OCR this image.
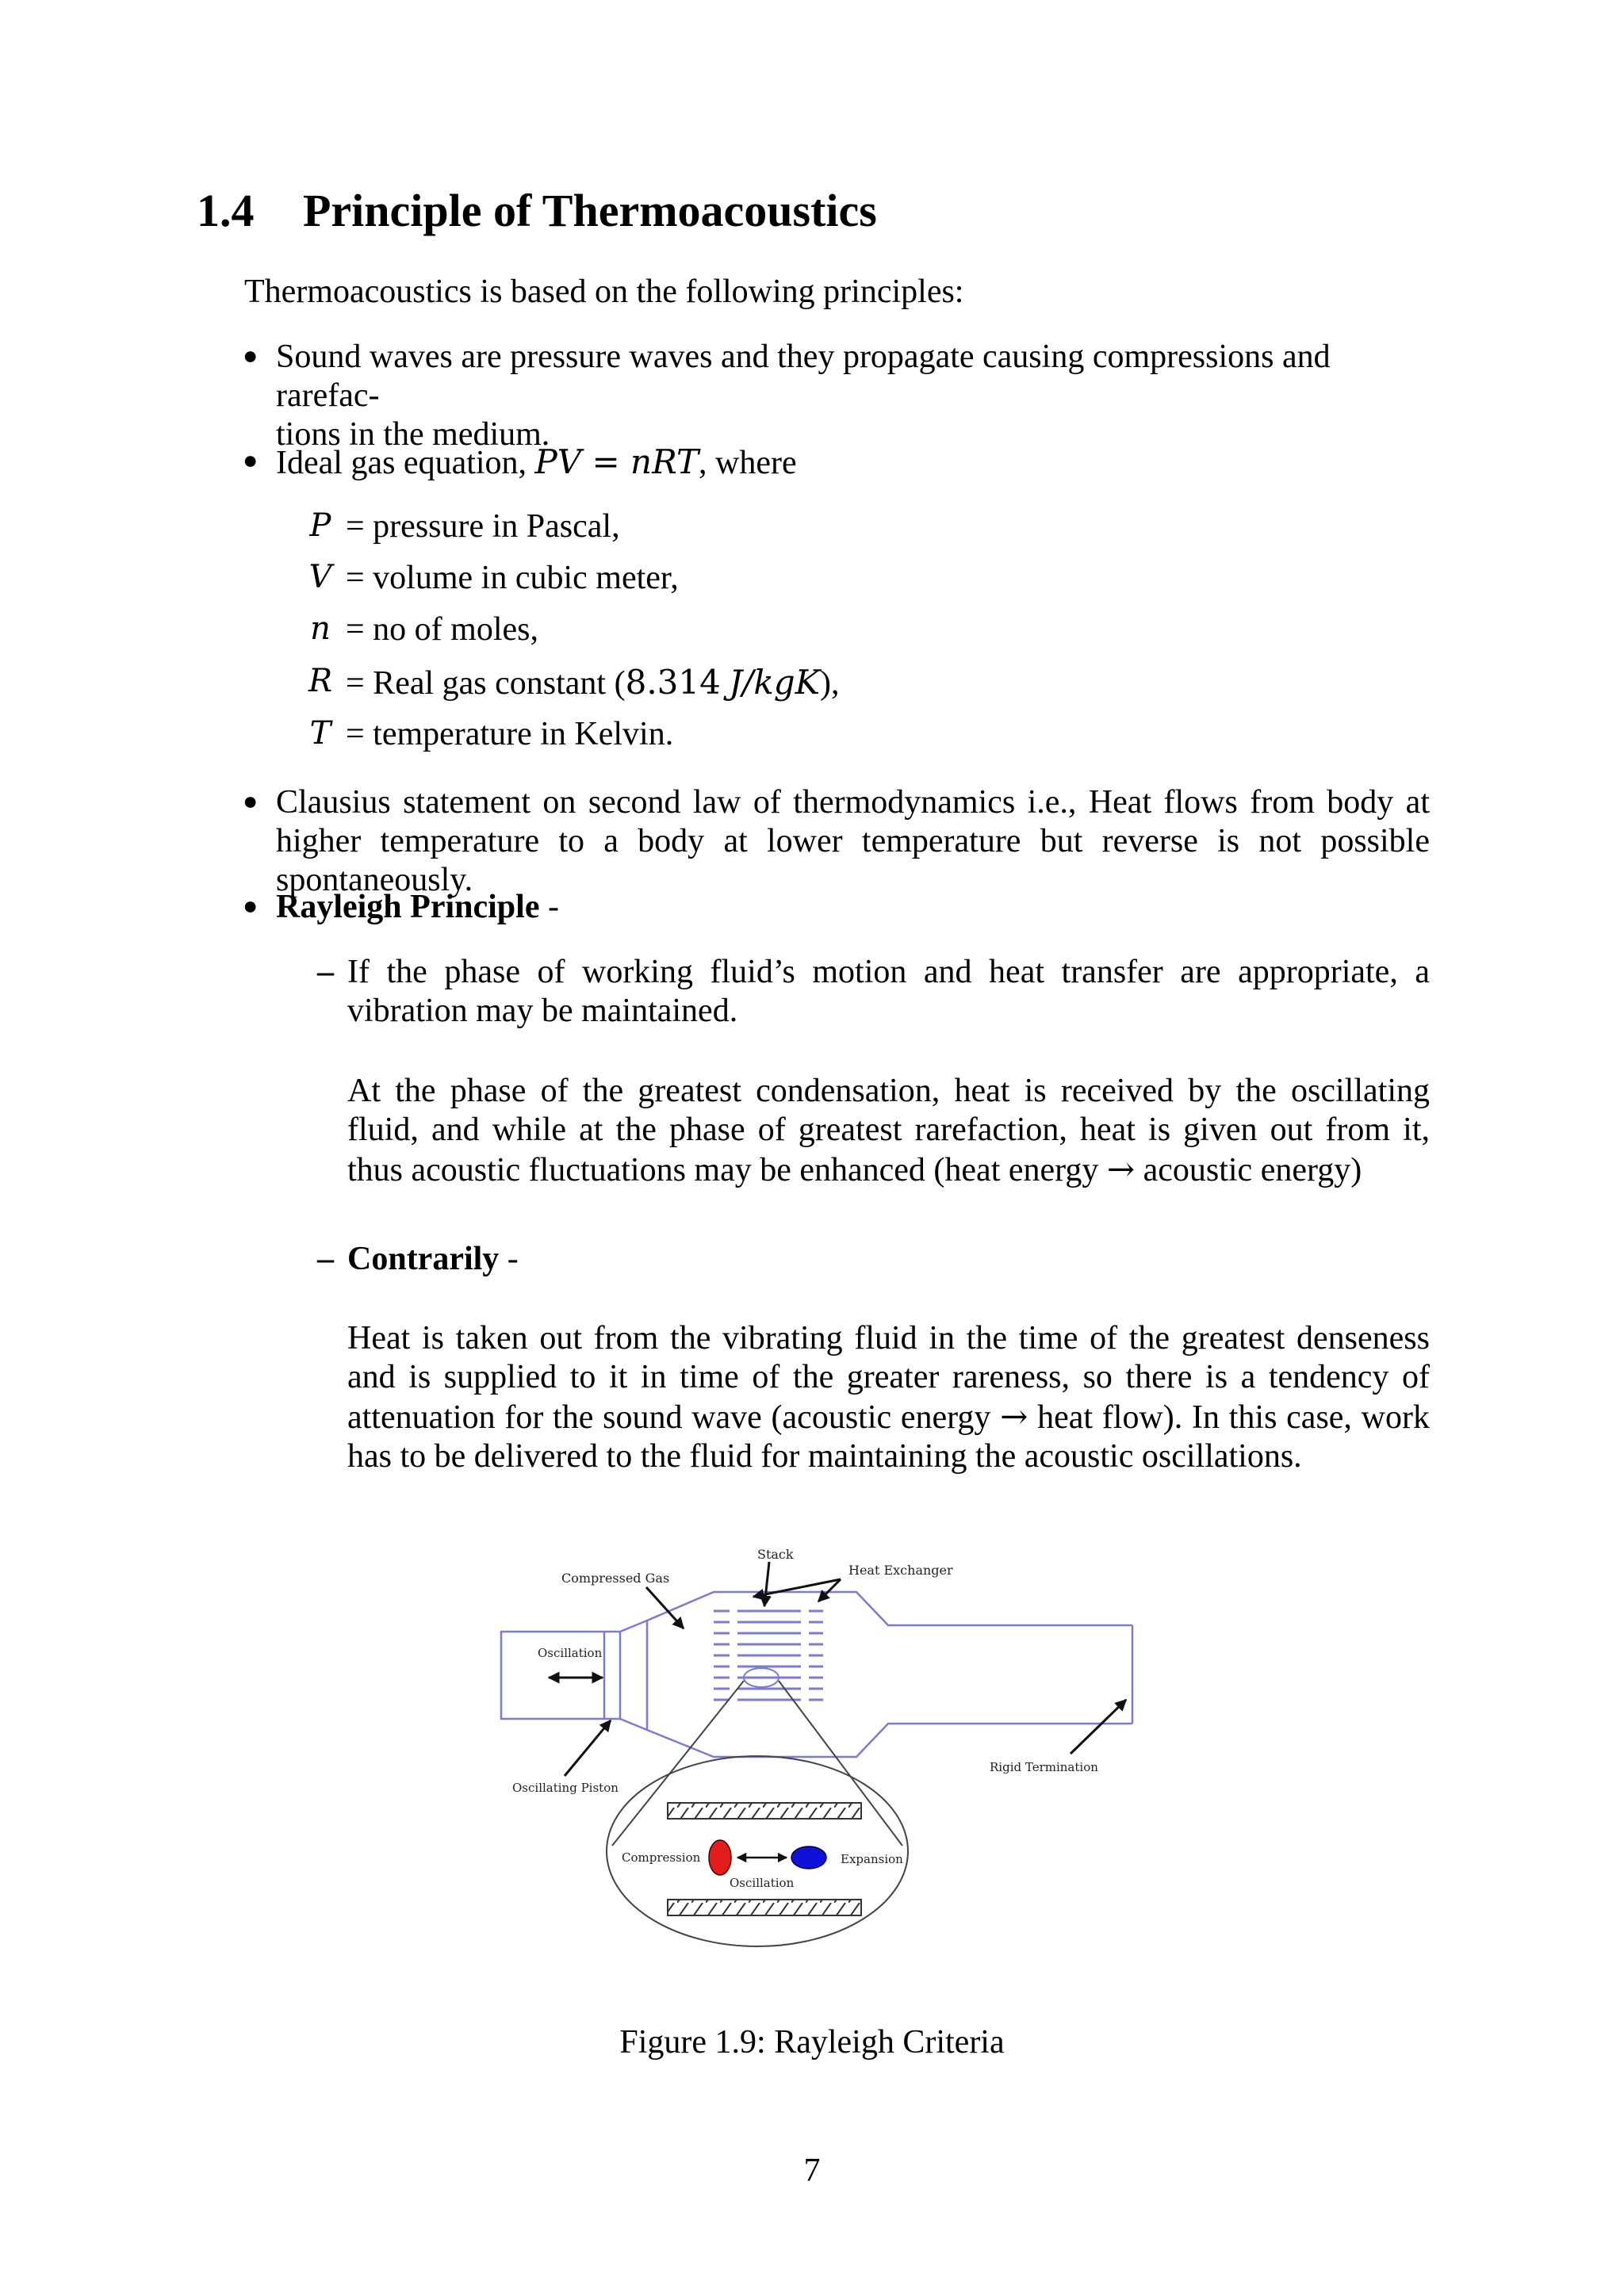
1.4 Principle of Thermoacoustics
Thermoacoustics is based on the following principles:
● Sound waves are pressure waves and they propagate causing compressions and rarefac-
tions in the medium.
● Ideal gas equation, PV = nRT, where
P = pressure in Pascal,
V = volume in cubic meter,
n = no of moles,
R = Real gas constant (8.314 J/kgK),
T = temperature in Kelvin.
● Clausius statement on second law of thermodynamics i.e., Heat flows from body at higher temperature to a body at lower temperature but reverse is not possible spontaneously.
● Rayleigh Principle -
– If the phase of working fluid’s motion and heat transfer are appropriate, a vibration may be maintained.
At the phase of the greatest condensation, heat is received by the oscillating fluid, and while at the phase of greatest rarefaction, heat is given out from it, thus acoustic fluctuations may be enhanced (heat energy → acoustic energy)
– Contrarily -
Heat is taken out from the vibrating fluid in the time of the greatest denseness and is supplied to it in time of the greater rareness, so there is a tendency of attenuation for the sound wave (acoustic energy → heat flow). In this case, work has to be delivered to the fluid for maintaining the acoustic oscillations.
Stack
Heat Exchanger
Compressed Gas
Oscillation
Oscillating Piston
Rigid Termination
Compression	Expansion
Oscillation
Figure 1.9: Rayleigh Criteria
7
